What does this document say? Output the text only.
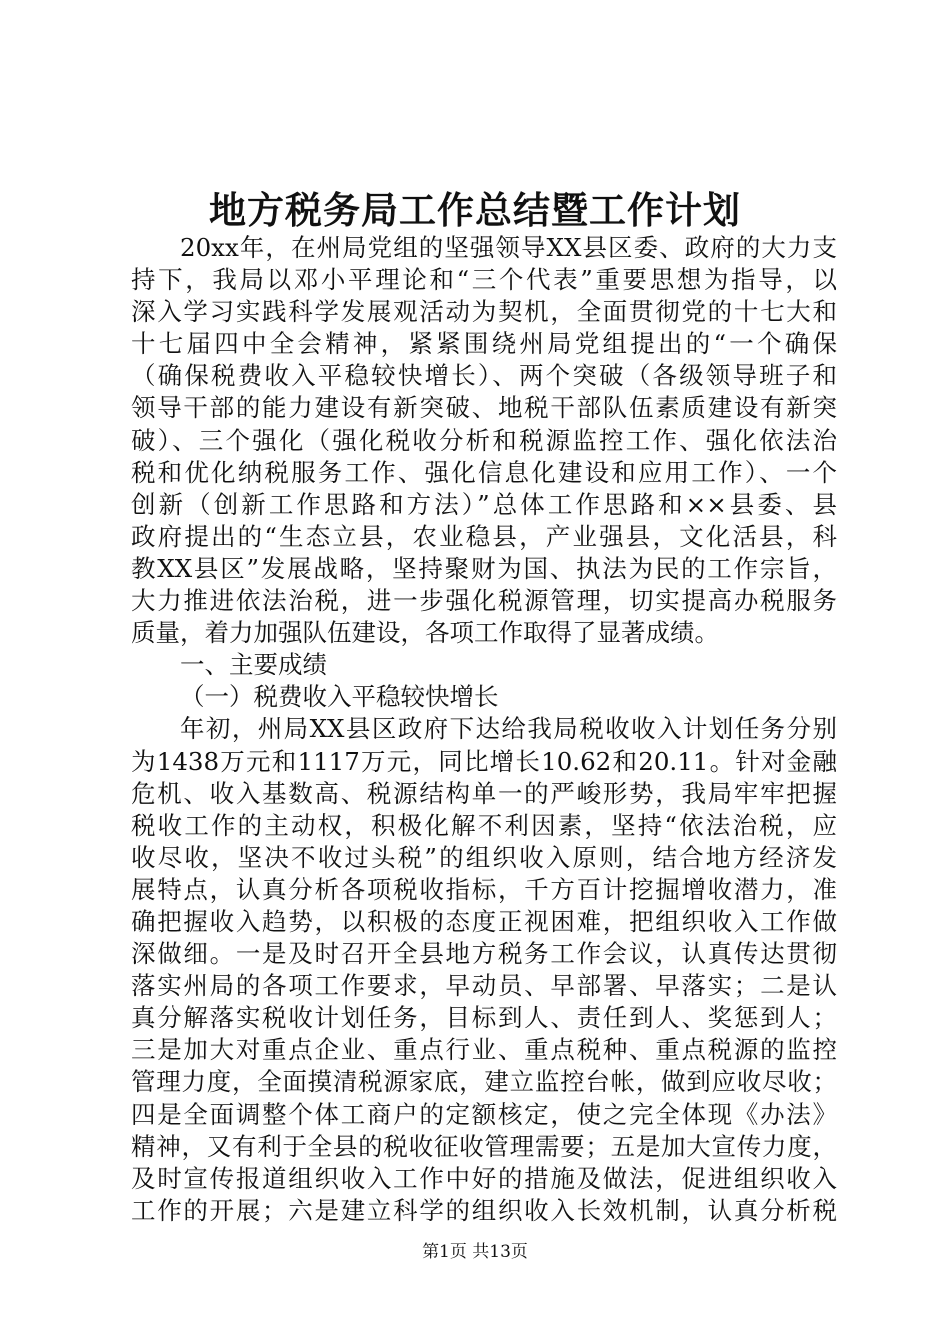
地方税务局工作总结暨工作计划
20xx年，在州局党组的坚强领导XX县区委、政府的大力支
持下，我局以邓小平理论和“三个代表”重要思想为指导，以
深入学习实践科学发展观活动为契机，全面贯彻党的十七大和
十七届四中全会精神，紧紧围绕州局党组提出的“一个确保
（确保税费收入平稳较快增长）、两个突破（各级领导班子和
领导干部的能力建设有新突破、地税干部队伍素质建设有新突
破）、三个强化（强化税收分析和税源监控工作、强化依法治
税和优化纳税服务工作、强化信息化建设和应用工作）、一个
创新（创新工作思路和方法）”总体工作思路和××县委、县
政府提出的“生态立县，农业稳县，产业强县，文化活县，科
教XX县区”发展战略，坚持聚财为国、执法为民的工作宗旨，
大力推进依法治税，进一步强化税源管理，切实提高办税服务
质量，着力加强队伍建设，各项工作取得了显著成绩。
一、主要成绩
（一）税费收入平稳较快增长
年初，州局XX县区政府下达给我局税收收入计划任务分别
为1438万元和1117万元，同比增长10.62和20.11。针对金融
危机、收入基数高、税源结构单一的严峻形势，我局牢牢把握
税收工作的主动权，积极化解不利因素，坚持“依法治税，应
收尽收，坚决不收过头税”的组织收入原则，结合地方经济发
展特点，认真分析各项税收指标，千方百计挖掘增收潜力，准
确把握收入趋势，以积极的态度正视困难，把组织收入工作做
深做细。一是及时召开全县地方税务工作会议，认真传达贯彻
落实州局的各项工作要求，早动员、早部署、早落实；二是认
真分解落实税收计划任务，目标到人、责任到人、奖惩到人；
三是加大对重点企业、重点行业、重点税种、重点税源的监控
管理力度，全面摸清税源家底，建立监控台帐，做到应收尽收；
四是全面调整个体工商户的定额核定，使之完全体现《办法》
精神，又有利于全县的税收征收管理需要；五是加大宣传力度，
及时宣传报道组织收入工作中好的措施及做法，促进组织收入
工作的开展；六是建立科学的组织收入长效机制，认真分析税
第1页 共13页
